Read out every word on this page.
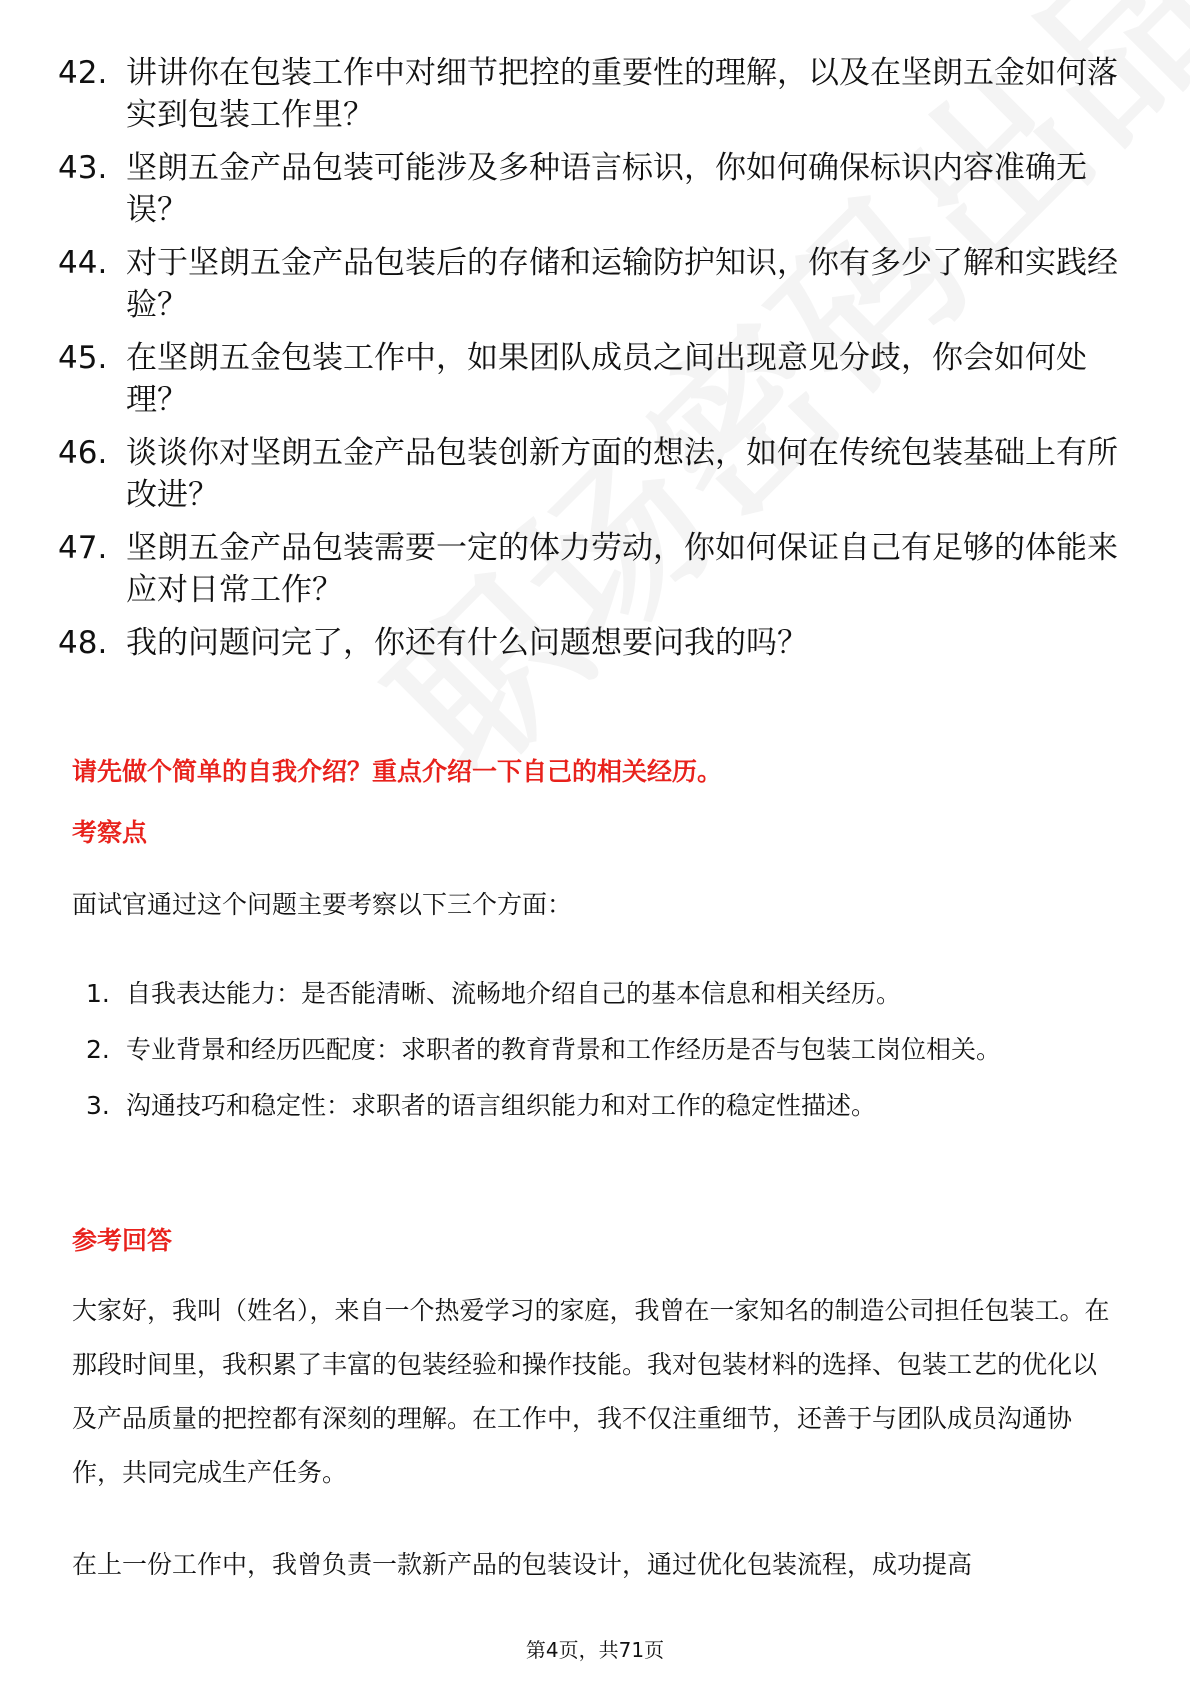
42. 讲讲你在包装工作中对细节把控的重要性的理解，以及在坚朗五金如何落实到包装工作里？
43. 坚朗五金产品包装可能涉及多种语言标识，你如何确保标识内容准确无误？
44. 对于坚朗五金产品包装后的存储和运输防护知识，你有多少了解和实践经验？
45. 在坚朗五金包装工作中，如果团队成员之间出现意见分歧，你会如何处理？
46. 谈谈你对坚朗五金产品包装创新方面的想法，如何在传统包装基础上有所改进？
47. 坚朗五金产品包装需要一定的体力劳动，你如何保证自己有足够的体能来应对日常工作？
48. 我的问题问完了，你还有什么问题想要问我的吗？
请先做个简单的自我介绍？重点介绍一下自己的相关经历。
考察点

面试官通过这个问题主要考察以下三个方面：

1. 自我表达能力：是否能清晰、流畅地介绍自己的基本信息和相关经历。
2. 专业背景和经历匹配度：求职者的教育背景和工作经历是否与包装工岗位相关。
3. 沟通技巧和稳定性：求职者的语言组织能力和对工作的稳定性描述。
参考回答

大家好，我叫（姓名），来自一个热爱学习的家庭，我曾在一家知名的制造公司担任包装工。在那段时间里，我积累了丰富的包装经验和操作技能。我对包装材料的选择、包装工艺的优化以及产品质量的把控都有深刻的理解。在工作中，我不仅注重细节，还善于与团队成员沟通协作，共同完成生产任务。

在上一份工作中，我曾负责一款新产品的包装设计，通过优化包装流程，成功提高

第4页，共71页
